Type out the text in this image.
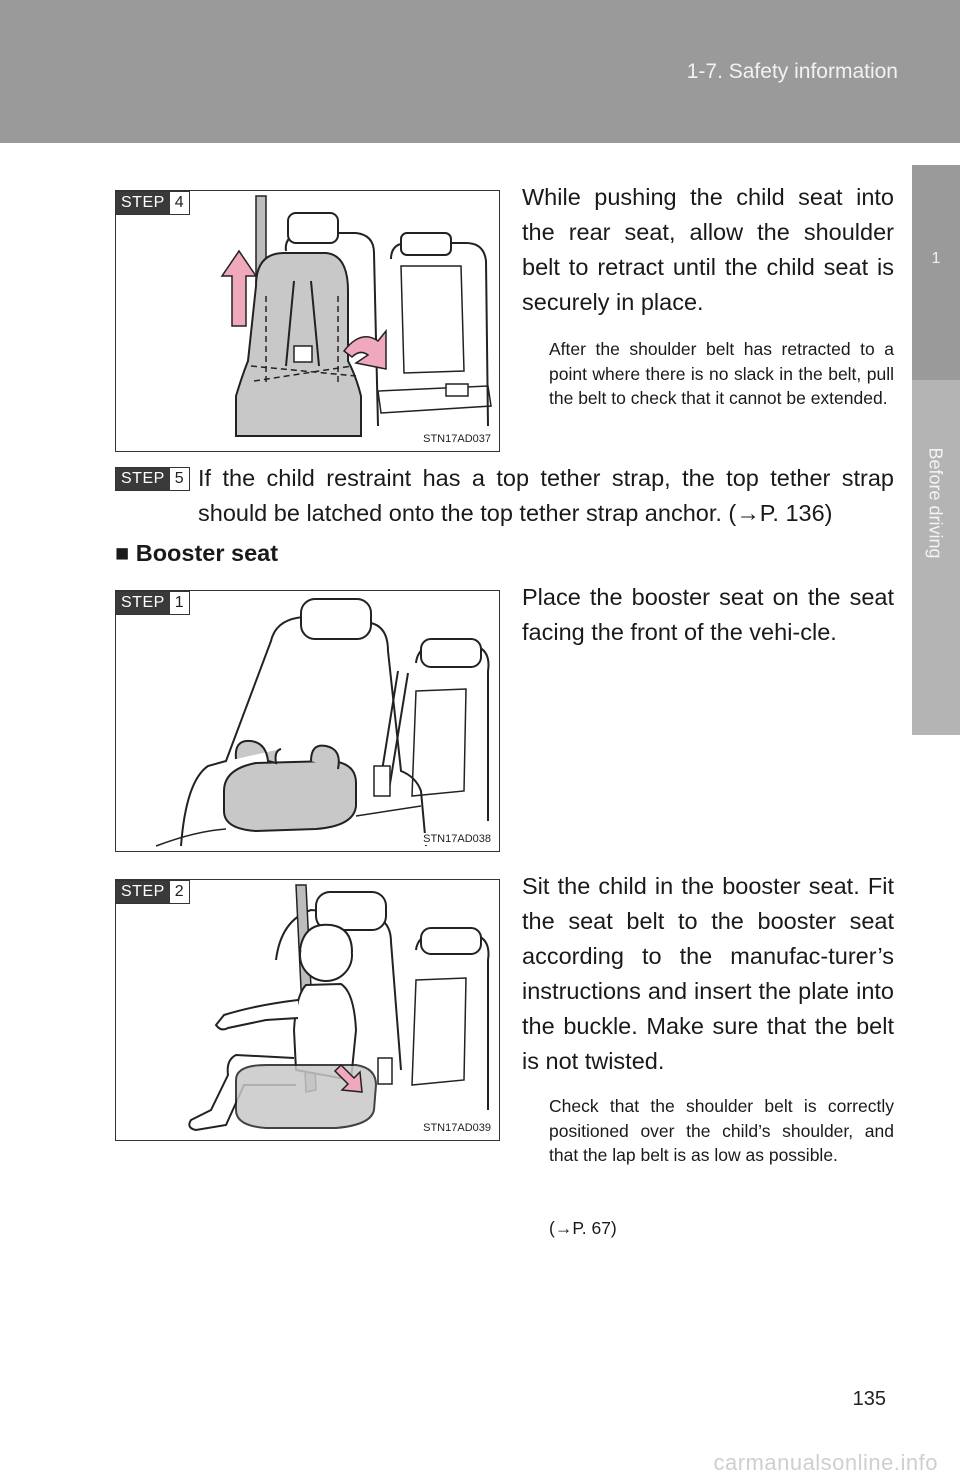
1-7. Safety information
1
Before driving
STN17AD037
STEP 4	While pushing the child seat into the rear seat, allow the shoulder belt to retract until the child seat is securely in place.
After the shoulder belt has retracted to a point where there is no slack in the belt, pull the belt to check that it cannot be extended.
STEP 5 If the child restraint has a top tether strap, the top tether strap should be latched onto the top tether strap anchor. (→P. 136)
■ Booster seat
STN17AD038
STEP 1	Place the booster seat on the seat facing the front of the vehi-cle.
STN17AD039
STEP 2	Sit the child in the booster seat. Fit the seat belt to the booster seat according to the manufac-turer’s instructions and insert the plate into the buckle. Make sure that the belt is not twisted.
Check that the shoulder belt is correctly positioned over the child’s shoulder, and that the lap belt is as low as possible.
(→P. 67)
135
carmanualsonline.info
